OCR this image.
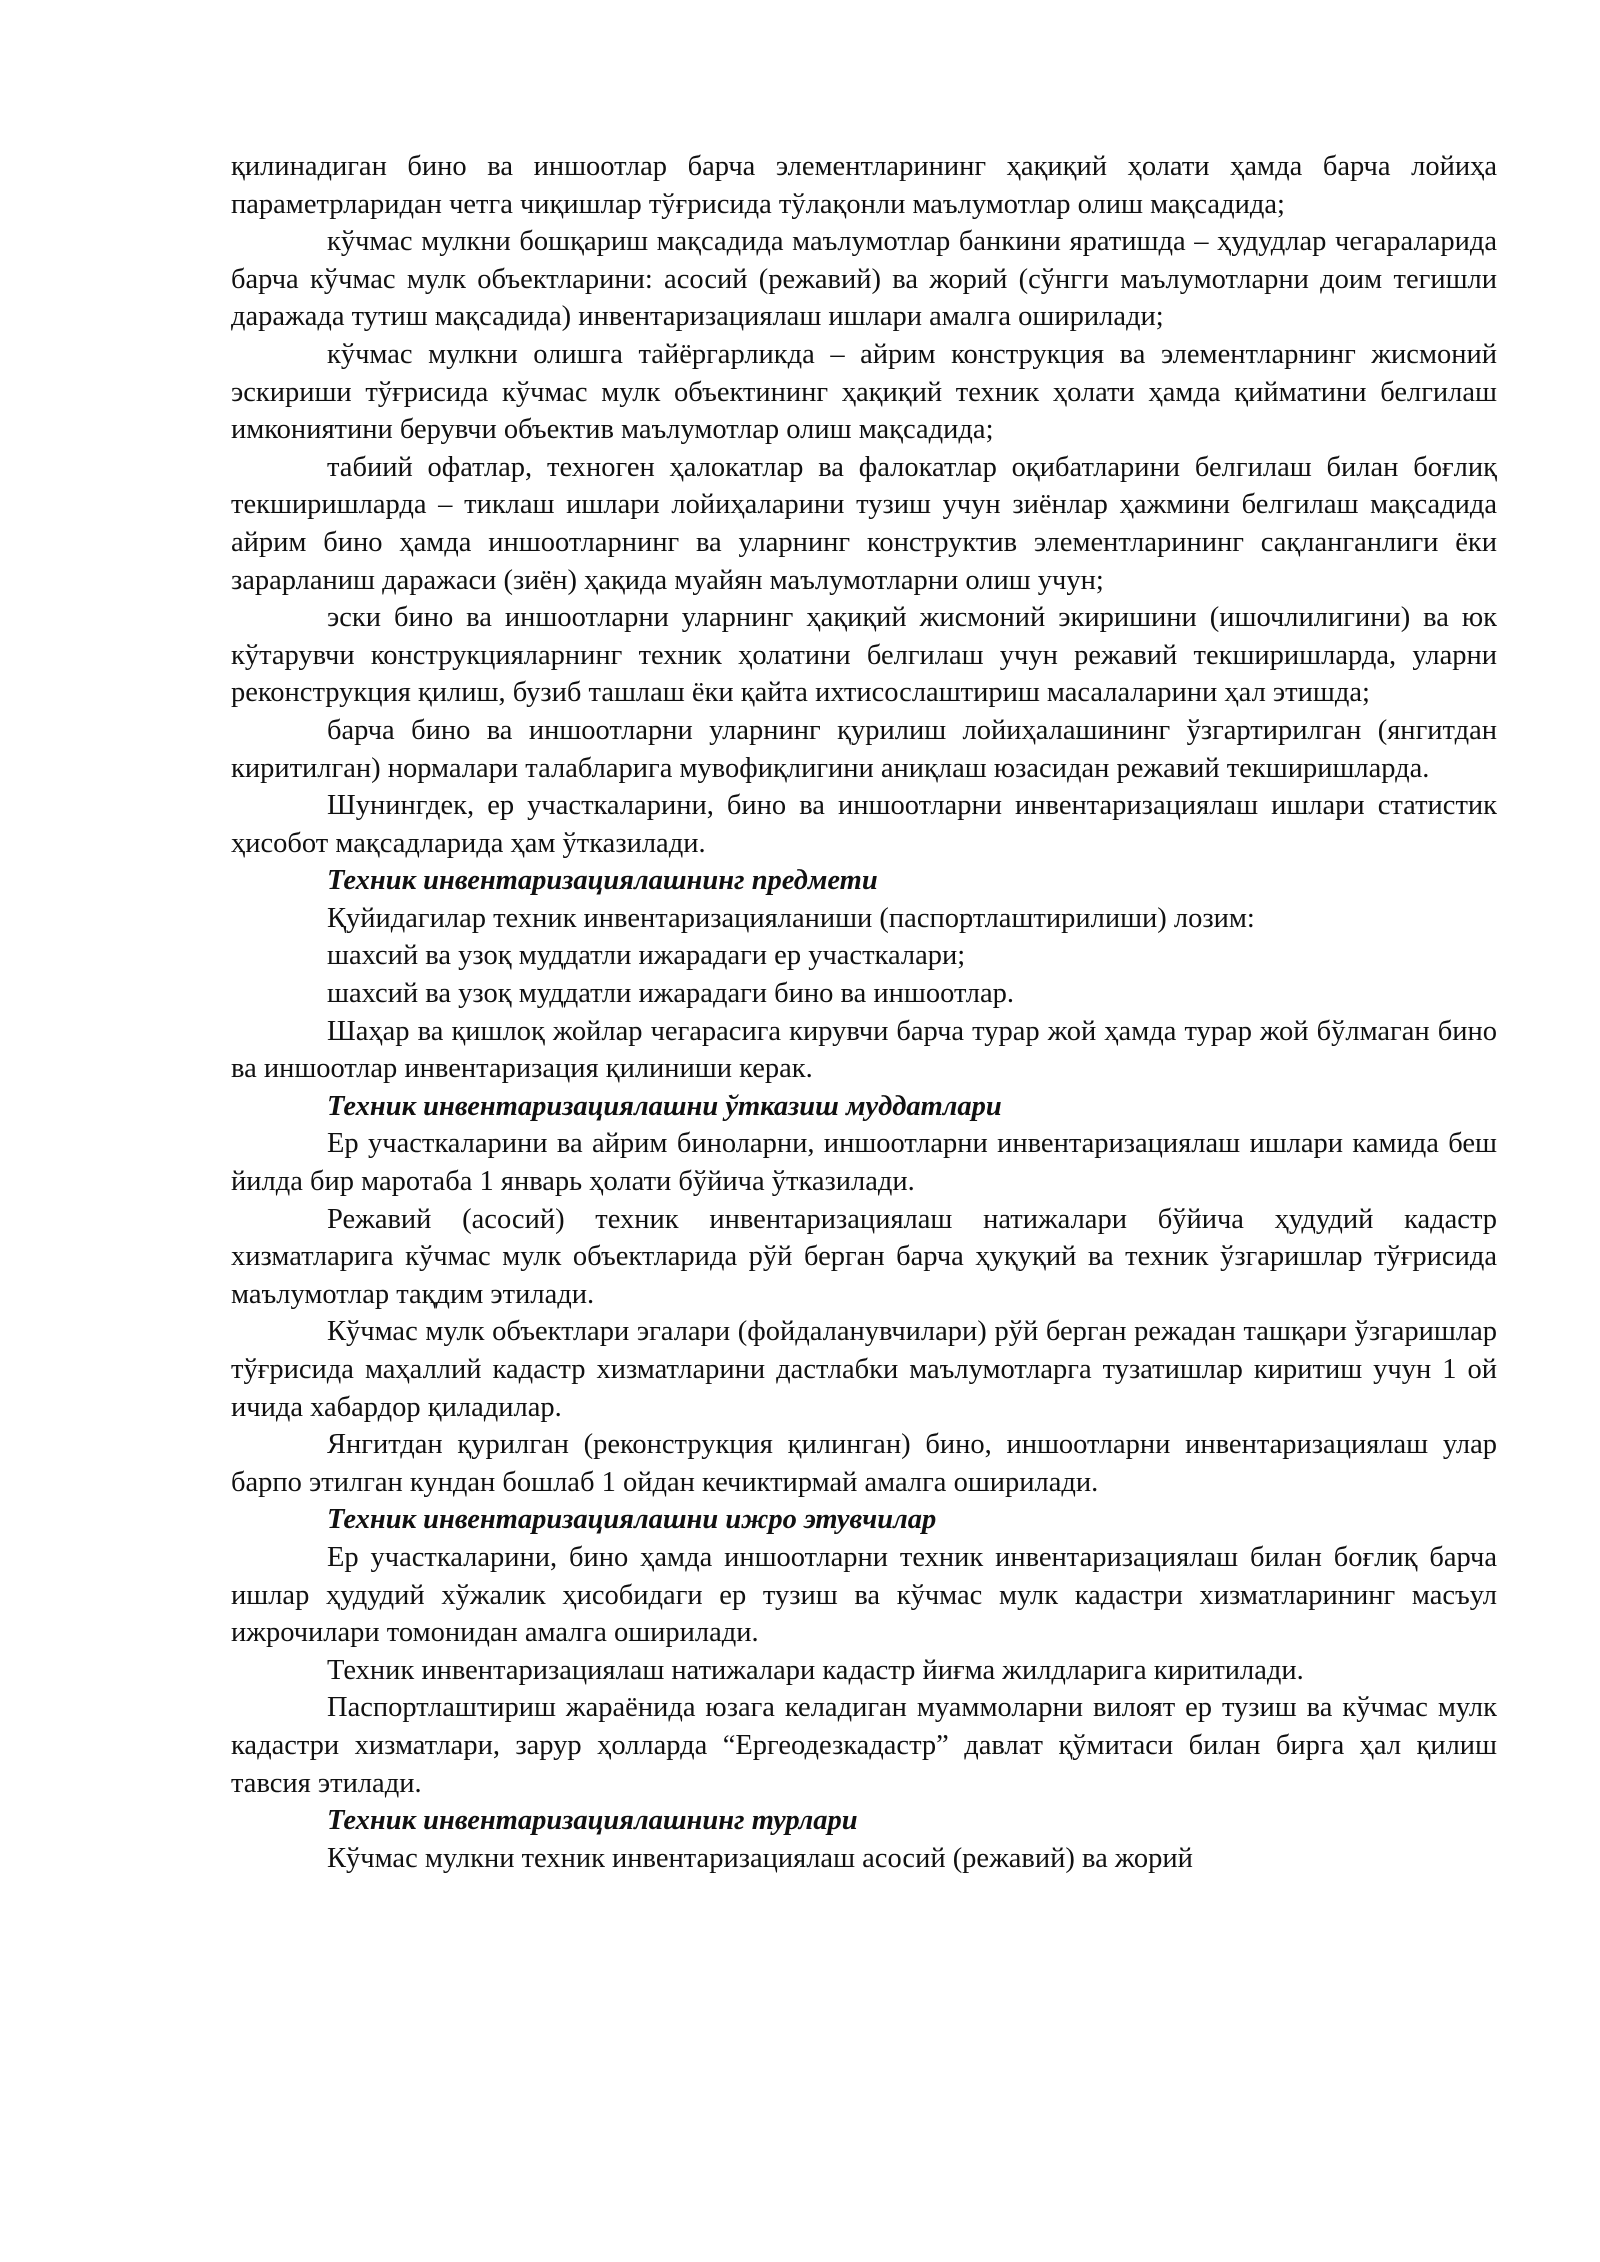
қилинадиган бино ва иншоотлар барча элементларининг ҳақиқий ҳолати ҳамда барча лойиҳа параметрларидан четга чиқишлар тўғрисида тўлақонли маълумотлар олиш мақсадида;

кўчмас мулкни бошқариш мақсадида маълумотлар банкини яратишда – ҳудудлар чегараларида барча кўчмас мулк объектларини: асосий (режавий) ва жорий (сўнгги маълумотларни доим тегишли даражада тутиш мақсадида) инвентаризациялаш ишлари амалга оширилади;

кўчмас мулкни олишга тайёргарликда – айрим конструкция ва элементларнинг жисмоний эскириши тўғрисида кўчмас мулк объектининг ҳақиқий техник ҳолати ҳамда қийматини белгилаш имкониятини берувчи объектив маълумотлар олиш мақсадида;

табиий офатлар, техноген ҳалокатлар ва фалокатлар оқибатларини белгилаш билан боғлиқ текширишларда – тиклаш ишлари лойиҳаларини тузиш учун зиёнлар ҳажмини белгилаш мақсадида айрим бино ҳамда иншоотларнинг ва уларнинг конструктив элементларининг сақланганлиги ёки зарарланиш даражаси (зиён) ҳақида муайян маълумотларни олиш учун;

эски бино ва иншоотларни уларнинг ҳақиқий жисмоний экиришини (ишочлилигини) ва юк кўтарувчи конструкцияларнинг техник ҳолатини белгилаш учун режавий текширишларда, уларни реконструкция қилиш, бузиб ташлаш ёки қайта ихтисослаштириш масалаларини ҳал этишда;

барча бино ва иншоотларни уларнинг қурилиш лойиҳалашининг ўзгартирилган (янгитдан киритилган) нормалари талабларига мувофиқлигини аниқлаш юзасидан режавий текширишларда.

Шунингдек, ер участкаларини, бино ва иншоотларни инвентаризациялаш ишлари статистик ҳисобот мақсадларида ҳам ўтказилади.

Техник инвентаризациялашнинг предмети

Қуйидагилар техник инвентаризацияланиши (паспортлаштирилиши) лозим:

шахсий ва узоқ муддатли ижарадаги ер участкалари;

шахсий ва узоқ муддатли ижарадаги бино ва иншоотлар.

Шаҳар ва қишлоқ жойлар чегарасига кирувчи барча турар жой ҳамда турар жой бўлмаган бино ва иншоотлар инвентаризация қилиниши керак.

Техник инвентаризациялашни ўтказиш муддатлари

Ер участкаларини ва айрим биноларни, иншоотларни инвентаризациялаш ишлари камида беш йилда бир маротаба 1 январь ҳолати бўйича ўтказилади.

Режавий (асосий) техник инвентаризациялаш натижалари бўйича ҳудудий кадастр хизматларига кўчмас мулк объектларида рўй берган барча ҳуқуқий ва техник ўзгаришлар тўғрисида маълумотлар тақдим этилади.

Кўчмас мулк объектлари эгалари (фойдаланувчилари) рўй берган режадан ташқари ўзгаришлар тўғрисида маҳаллий кадастр хизматларини дастлабки маълумотларга тузатишлар киритиш учун 1 ой ичида хабардор қиладилар.

Янгитдан қурилган (реконструкция қилинган) бино, иншоотларни инвентаризациялаш улар барпо этилган кундан бошлаб 1 ойдан кечиктирмай амалга оширилади.

Техник инвентаризациялашни ижро этувчилар

Ер участкаларини, бино ҳамда иншоотларни техник инвентаризациялаш билан боғлиқ барча ишлар ҳудудий хўжалик ҳисобидаги ер тузиш ва кўчмас мулк кадастри хизматларининг масъул ижрочилари томонидан амалга оширилади.

Техник инвентаризациялаш натижалари кадастр йиғма жилдларига киритилади.

Паспортлаштириш жараёнида юзага келадиган муаммоларни вилоят ер тузиш ва кўчмас мулк кадастри хизматлари, зарур ҳолларда “Ергеодезкадастр” давлат қўмитаси билан бирга ҳал қилиш тавсия этилади.

Техник инвентаризациялашнинг турлари

Кўчмас мулкни техник инвентаризациялаш асосий (режавий) ва жорий
